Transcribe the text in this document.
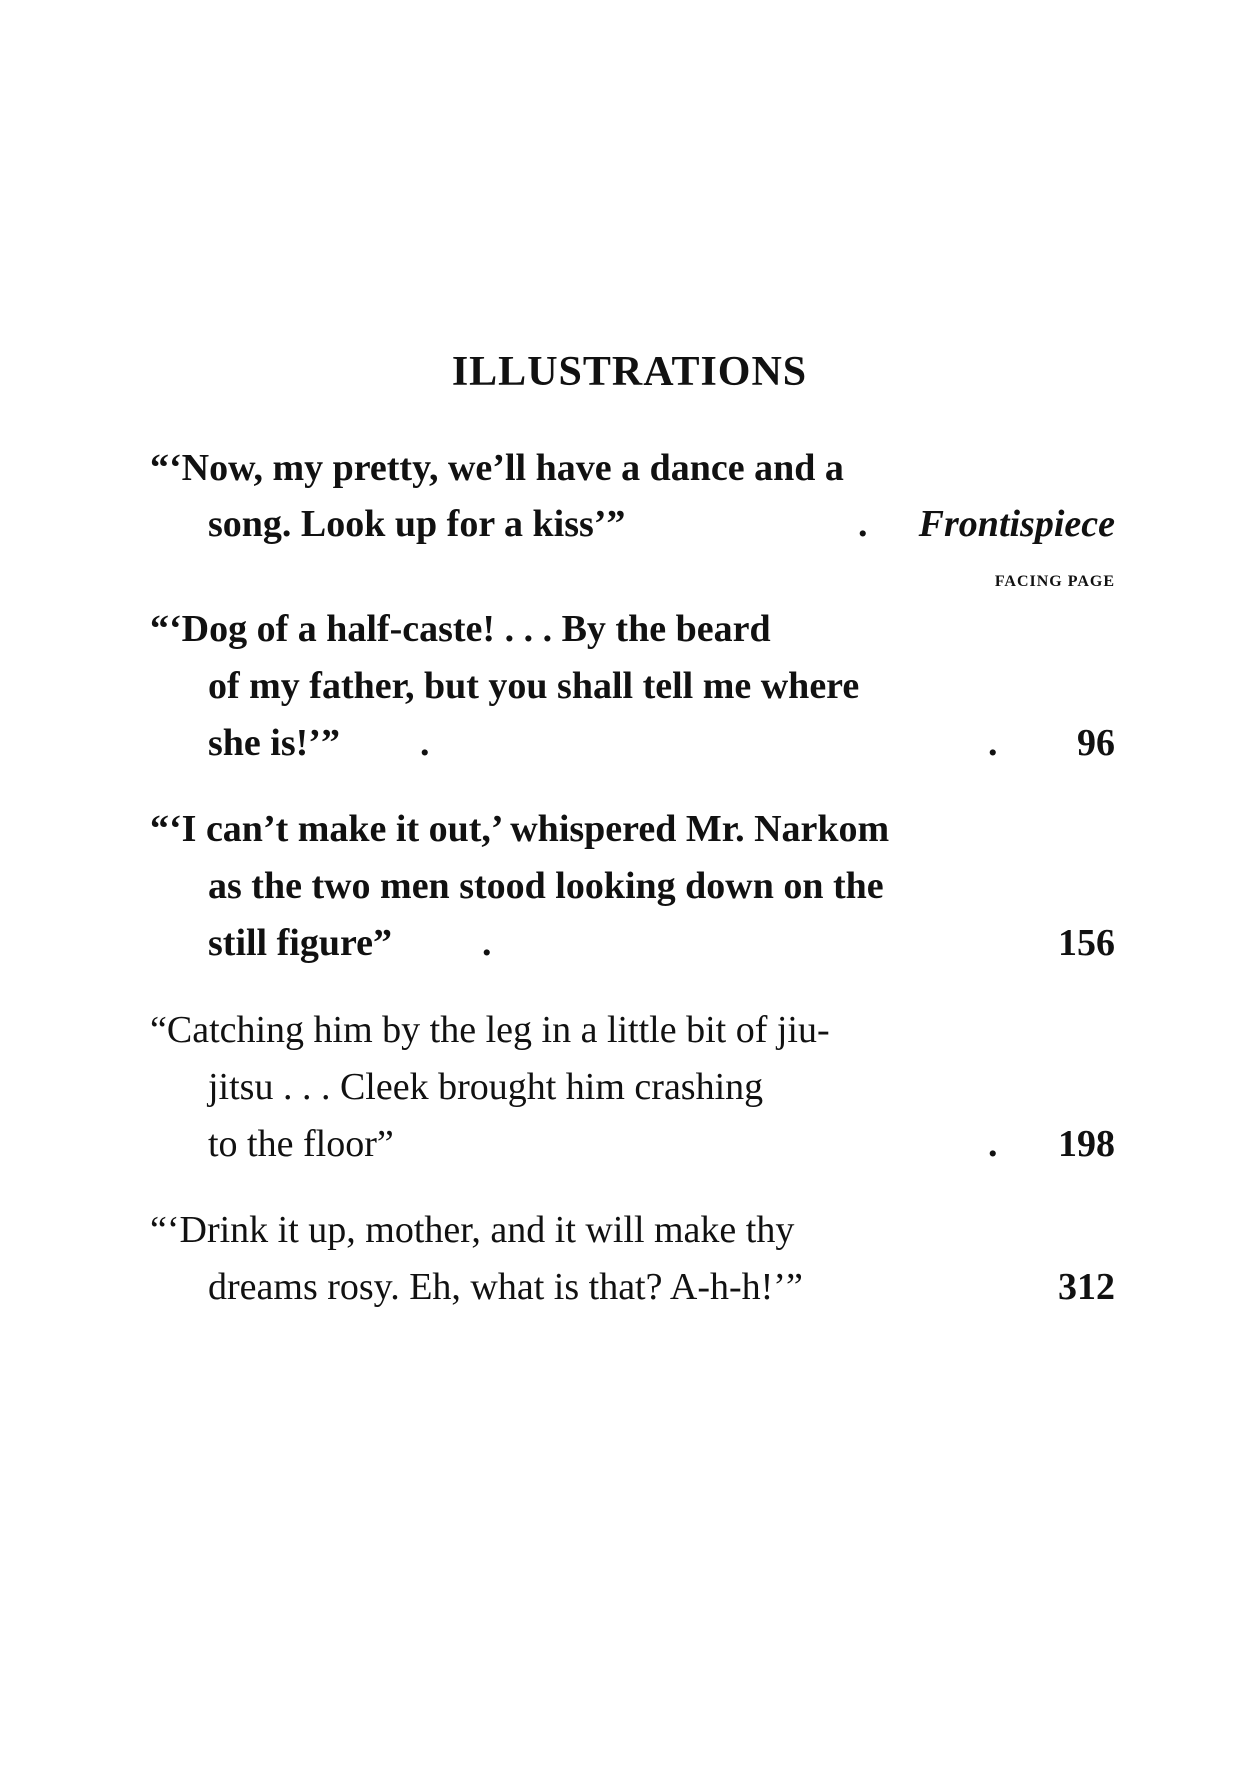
ILLUSTRATIONS
“‘Now, my pretty, we’ll have a dance and a
song. Look up for a kiss’”	. Frontispiece
FACING PAGE
“‘Dog of a half-caste! . . . By the beard
of my father, but you shall tell me where
she is!’” .	. 96
“‘I can’t make it out,’ whispered Mr. Narkom
as the two men stood looking down on the
still figure” .	156
“Catching him by the leg in a little bit of jiu-
jitsu . . . Cleek brought him crashing
to the floor”	. 198
“‘Drink it up, mother, and it will make thy
dreams rosy. Eh, what is that? A-h-h!’”	312
